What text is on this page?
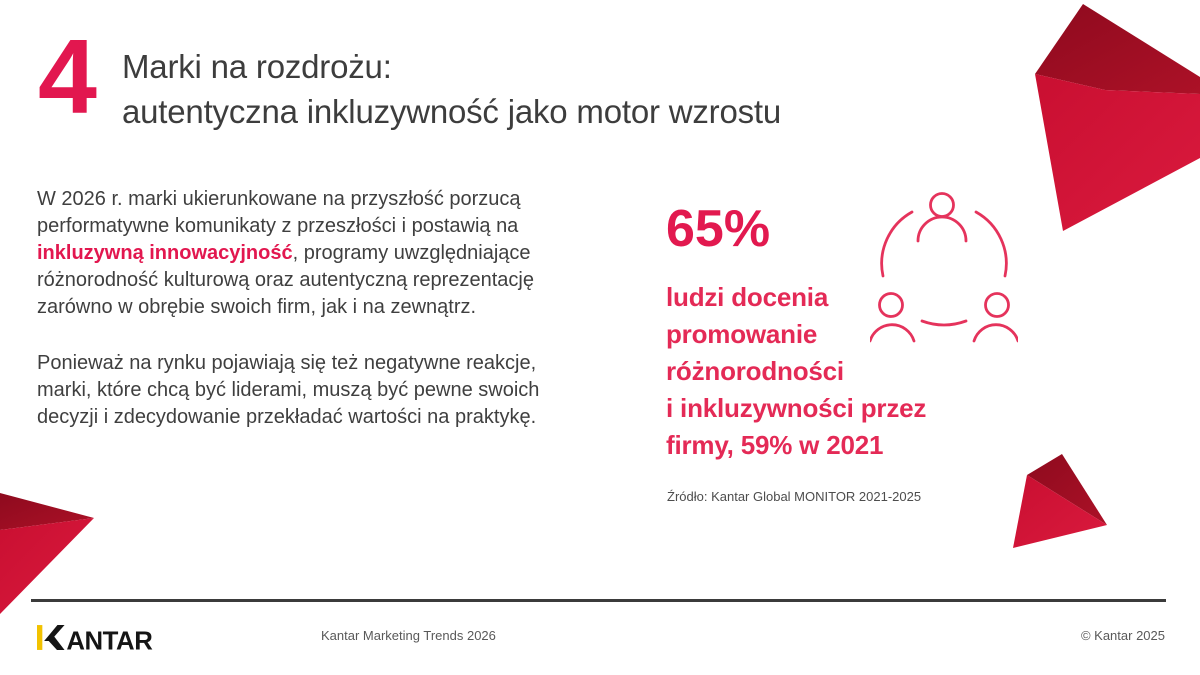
4 Marki na rozdrożu:
autentyczna inkluzywność jako motor wzrostu

W 2026 r. marki ukierunkowane na przyszłość porzucą performatywne komunikaty z przeszłości i postawią na inkluzywną innowacyjność, programy uwzględniające różnorodność kulturową oraz autentyczną reprezentację zarówno w obrębie swoich firm, jak i na zewnątrz.

Ponieważ na rynku pojawiają się też negatywne reakcje, marki, które chcą być liderami, muszą być pewne swoich decyzji i zdecydowanie przekładać wartości na praktykę.

65%
ludzi docenia
promowanie
różnorodności
i inkluzywności przez
firmy, 59% w 2021
Źródło: Kantar Global MONITOR 2021-2025
ANTAR	Kantar Marketing Trends 2026	© Kantar 2025
